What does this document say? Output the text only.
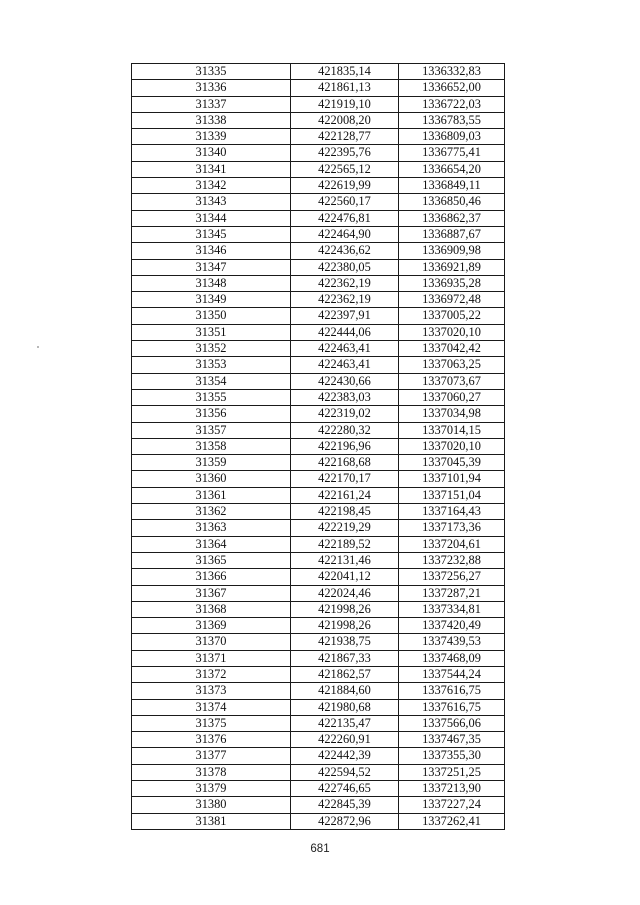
31335	421835,14	1336332,83
31336	421861,13	1336652,00
31337	421919,10	1336722,03
31338	422008,20	1336783,55
31339	422128,77	1336809,03
31340	422395,76	1336775,41
31341	422565,12	1336654,20
31342	422619,99	1336849,11
31343	422560,17	1336850,46
31344	422476,81	1336862,37
31345	422464,90	1336887,67
31346	422436,62	1336909,98
31347	422380,05	1336921,89
31348	422362,19	1336935,28
31349	422362,19	1336972,48
31350	422397,91	1337005,22
31351	422444,06	1337020,10
31352	422463,41	1337042,42
31353	422463,41	1337063,25
31354	422430,66	1337073,67
31355	422383,03	1337060,27
31356	422319,02	1337034,98
31357	422280,32	1337014,15
31358	422196,96	1337020,10
31359	422168,68	1337045,39
31360	422170,17	1337101,94
31361	422161,24	1337151,04
31362	422198,45	1337164,43
31363	422219,29	1337173,36
31364	422189,52	1337204,61
31365	422131,46	1337232,88
31366	422041,12	1337256,27
31367	422024,46	1337287,21
31368	421998,26	1337334,81
31369	421998,26	1337420,49
31370	421938,75	1337439,53
31371	421867,33	1337468,09
31372	421862,57	1337544,24
31373	421884,60	1337616,75
31374	421980,68	1337616,75
31375	422135,47	1337566,06
31376	422260,91	1337467,35
31377	422442,39	1337355,30
31378	422594,52	1337251,25
31379	422746,65	1337213,90
31380	422845,39	1337227,24
31381	422872,96	1337262,41
681
